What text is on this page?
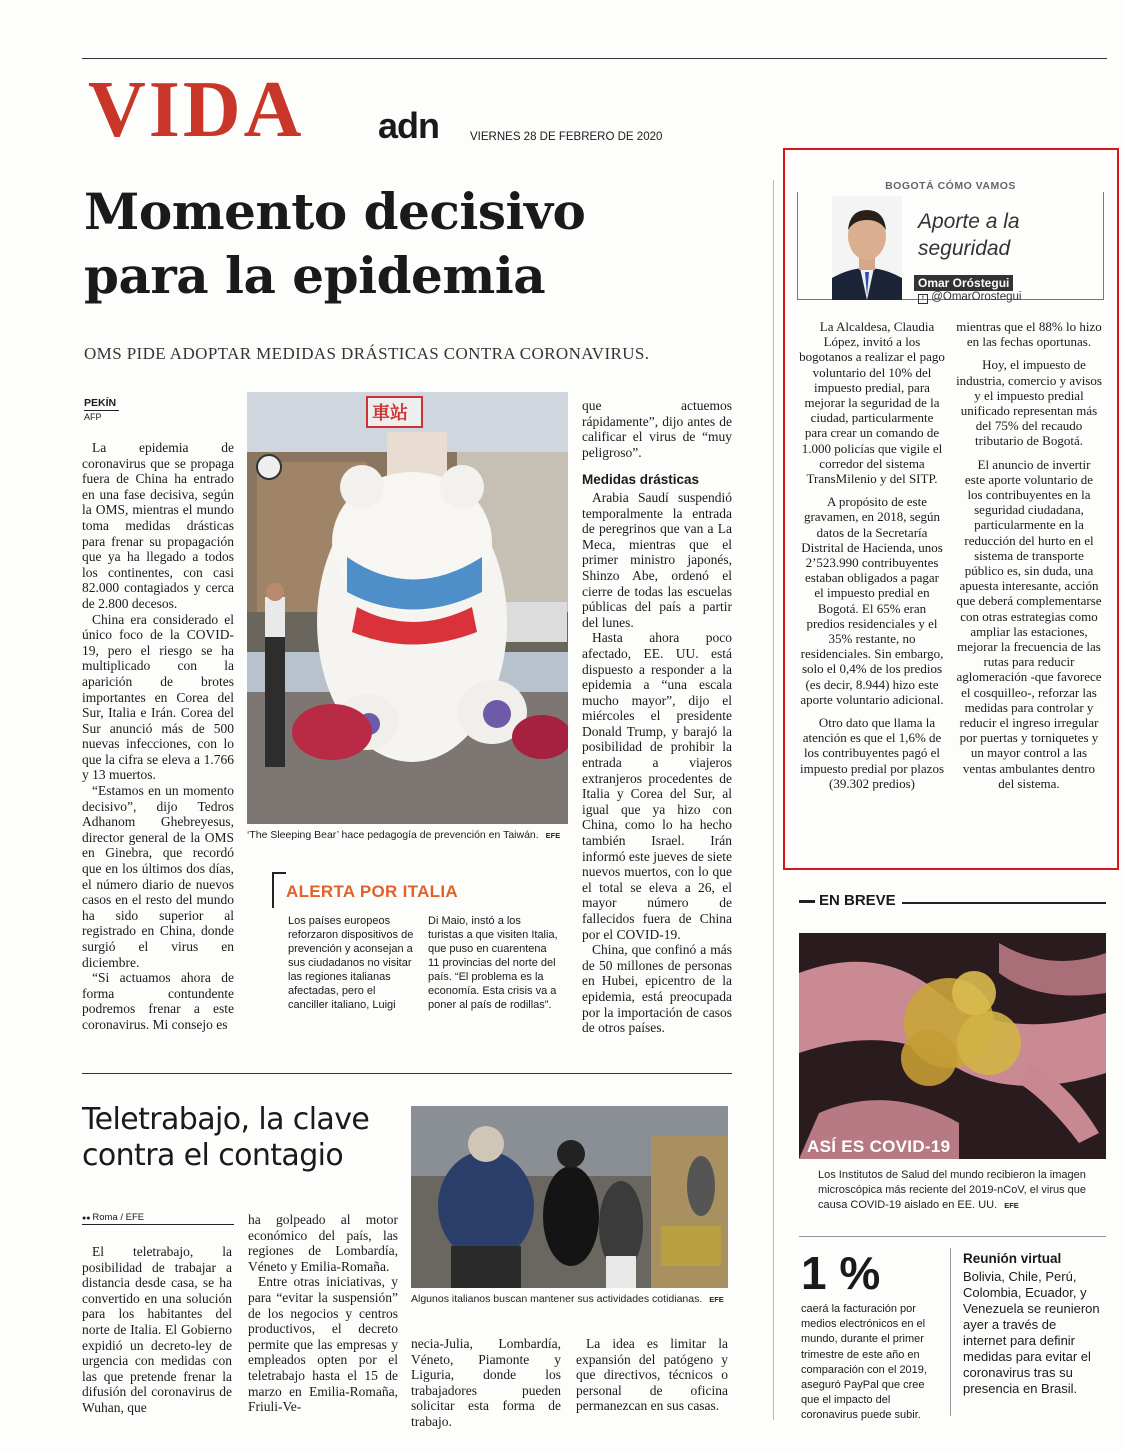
VIDA adn	VIERNES 28 DE FEBRERO DE 2020
Momento decisivo
para la epidemia
OMS PIDE ADOPTAR MEDIDAS DRÁSTICAS CONTRA CORONAVIRUS.
PEKÍN
AFP

La epidemia de coronavirus que se propaga fuera de China ha entrado en una fase decisiva, según la OMS, mientras el mundo toma medidas drásticas para frenar su propagación que ya ha llegado a todos los continentes, con casi 82.000 contagiados y cerca de 2.800 decesos.

China era considerado el único foco de la COVID-19, pero el riesgo se ha multiplicado con la aparición de brotes importantes en Corea del Sur, Italia e Irán. Corea del Sur anunció más de 500 nuevas infecciones, con lo que la cifra se eleva a 1.766 y 13 muertos.

“Estamos en un momento decisivo”, dijo Tedros Adhanom Ghebreyesus, director general de la OMS en Ginebra, que recordó que en los últimos dos días, el número diario de nuevos casos en el resto del mundo ha sido superior al registrado en China, donde surgió el virus en diciembre.

“Si actuamos ahora de forma contundente podremos frenar a este coronavirus. Mi consejo es

車站
‘The Sleeping Bear’ hace pedagogía de prevención en Taiwán. EFE

que actuemos rápidamente”, dijo antes de calificar el virus de “muy peligroso”.

Medidas drásticas

Arabia Saudí suspendió temporalmente la entrada de peregrinos que van a La Meca, mientras que el primer ministro japonés, Shinzo Abe, ordenó el cierre de todas las escuelas públicas del país a partir del lunes.

Hasta ahora poco afectado, EE. UU. está dispuesto a responder a la epidemia a “una escala mucho mayor”, dijo el miércoles el presidente Donald Trump, y barajó la posibilidad de prohibir la entrada a viajeros extranjeros procedentes de Italia y Corea del Sur, al igual que ya hizo con China, como lo ha hecho también Israel. Irán informó este jueves de siete nuevos muertos, con lo que el total se eleva a 26, el mayor número de fallecidos fuera de China por el COVID-19.

China, que confinó a más de 50 millones de personas en Hubei, epicentro de la epidemia, está preocupada por la importación de casos de otros países.

ALERTA POR ITALIA
Los países europeos reforzaron dispositivos de prevención y aconsejan a sus ciudadanos no visitar las regiones italianas afectadas, pero el canciller italiano, Luigi
Di Maio, instó a los turistas a que visiten Italia, que puso en cuarentena 11 provincias del norte del país. “El problema es la economía. Esta crisis va a poner al país de rodillas”.
Teletrabajo, la clave
contra el contagio
●● Roma / EFE

El teletrabajo, la posibilidad de trabajar a distancia desde casa, se ha convertido en una solución para los habitantes del norte de Italia. El Gobierno expidió un decreto-ley de urgencia con medidas con las que pretende frenar la difusión del coronavirus de Wuhan, que

ha golpeado al motor económico del país, las regiones de Lombardía, Véneto y Emilia-Romaña.

Entre otras iniciativas, y para “evitar la suspensión” de los negocios y centros productivos, el decreto permite que las empresas y empleados opten por el teletrabajo hasta el 15 de marzo en Emilia-Romaña, Friuli-Ve-

Algunos italianos buscan mantener sus actividades cotidianas. EFE

necia-Julia, Lombardía, Véneto, Piamonte y Liguria, donde los trabajadores pueden solicitar esta forma de trabajo.

La idea es limitar la expansión del patógeno y que directivos, técnicos o personal de oficina permanezcan en sus casas.

BOGOTÁ CÓMO VAMOS
Aporte a la
seguridad
Omar Oróstegui
t @OmarOrostegui

La Alcaldesa, Claudia López, invitó a los bogotanos a realizar el pago voluntario del 10% del impuesto predial, para mejorar la seguridad de la ciudad, particularmente para crear un comando de 1.000 policías que vigile el corredor del sistema TransMilenio y del SITP.

A propósito de este gravamen, en 2018, según datos de la Secretaría Distrital de Hacienda, unos 2’523.990 contribuyentes estaban obligados a pagar el impuesto predial en Bogotá. El 65% eran predios residenciales y el 35% restante, no residenciales. Sin embargo, solo el 0,4% de los predios (es decir, 8.944) hizo este aporte voluntario adicional.

Otro dato que llama la atención es que el 1,6% de los contribuyentes pagó el impuesto predial por plazos (39.302 predios)

mientras que el 88% lo hizo en las fechas oportunas.

Hoy, el impuesto de industria, comercio y avisos y el impuesto predial unificado representan más del 75% del recaudo tributario de Bogotá.

El anuncio de invertir este aporte voluntario de los contribuyentes en la seguridad ciudadana, particularmente en la reducción del hurto en el sistema de transporte público es, sin duda, una apuesta interesante, acción que deberá complementarse con otras estrategias como ampliar las estaciones, mejorar la frecuencia de las rutas para reducir aglomeración -que favorece el cosquilleo-, reforzar las medidas para controlar y reducir el ingreso irregular por puertas y torniquetes y un mayor control a las ventas ambulantes dentro del sistema.

EN BREVE
ASÍ ES COVID-19
Los Institutos de Salud del mundo recibieron la imagen microscópica más reciente del 2019-nCoV, el virus que causa COVID-19 aislado en EE. UU. EFE
1 %
caerá la facturación por medios electrónicos en el mundo, durante el primer trimestre de este año en comparación con el 2019, aseguró PayPal que cree que el impacto del coronavirus puede subir.
Reunión virtual
Bolivia, Chile, Perú, Colombia, Ecuador, y Venezuela se reunieron ayer a través de internet para definir medidas para evitar el coronavirus tras su presencia en Brasil.
